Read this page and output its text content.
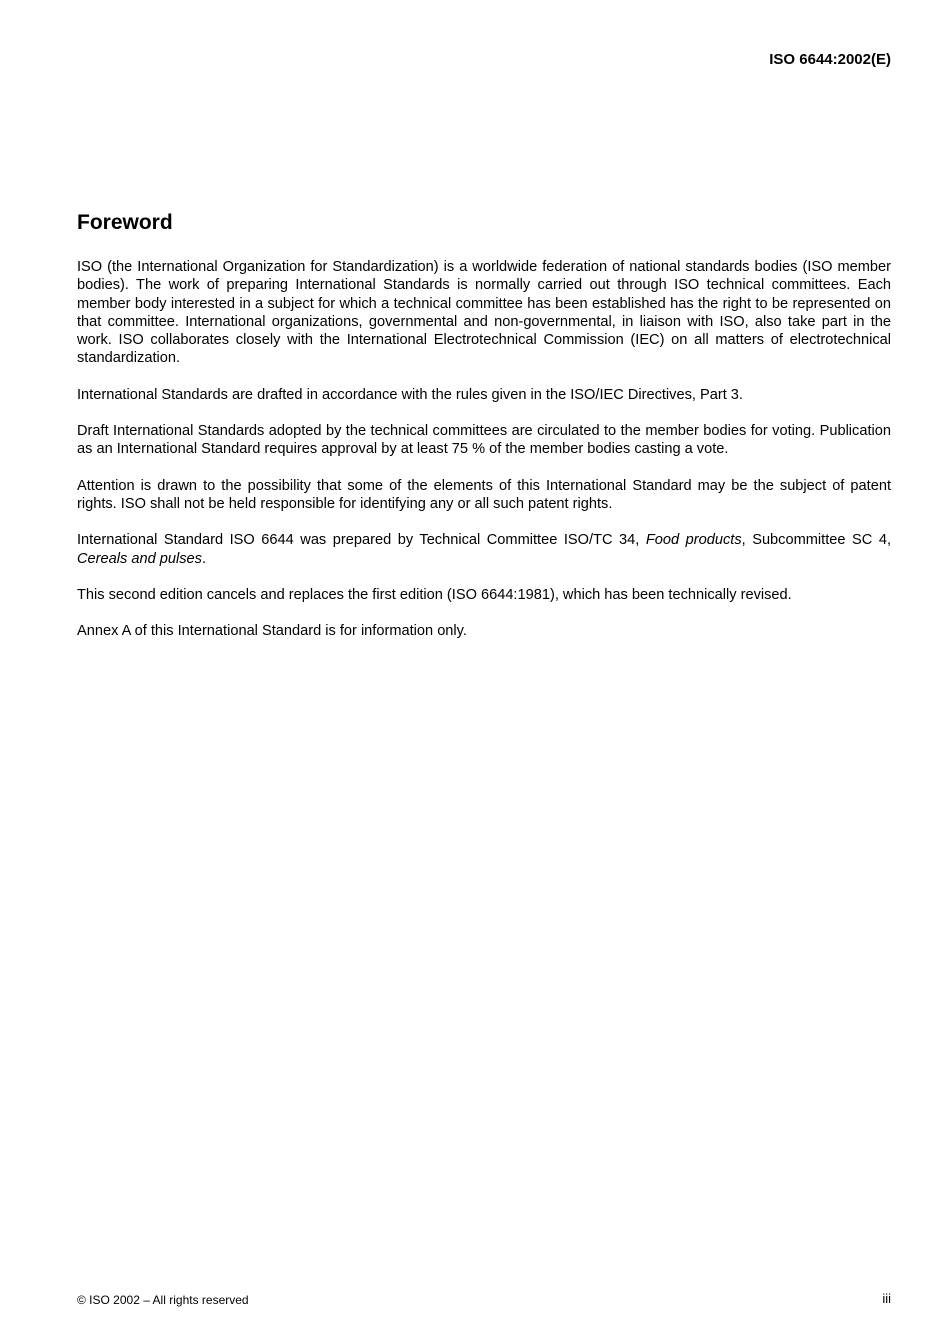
ISO 6644:2002(E)
Foreword

ISO (the International Organization for Standardization) is a worldwide federation of national standards bodies (ISO member bodies). The work of preparing International Standards is normally carried out through ISO technical committees. Each member body interested in a subject for which a technical committee has been established has the right to be represented on that committee. International organizations, governmental and non-governmental, in liaison with ISO, also take part in the work. ISO collaborates closely with the International Electrotechnical Commission (IEC) on all matters of electrotechnical standardization.

International Standards are drafted in accordance with the rules given in the ISO/IEC Directives, Part 3.

Draft International Standards adopted by the technical committees are circulated to the member bodies for voting. Publication as an International Standard requires approval by at least 75 % of the member bodies casting a vote.

Attention is drawn to the possibility that some of the elements of this International Standard may be the subject of patent rights. ISO shall not be held responsible for identifying any or all such patent rights.

International Standard ISO 6644 was prepared by Technical Committee ISO/TC 34, Food products, Subcommittee SC 4, Cereals and pulses.

This second edition cancels and replaces the first edition (ISO 6644:1981), which has been technically revised.

Annex A of this International Standard is for information only.

© ISO 2002 – All rights reserved	iii
